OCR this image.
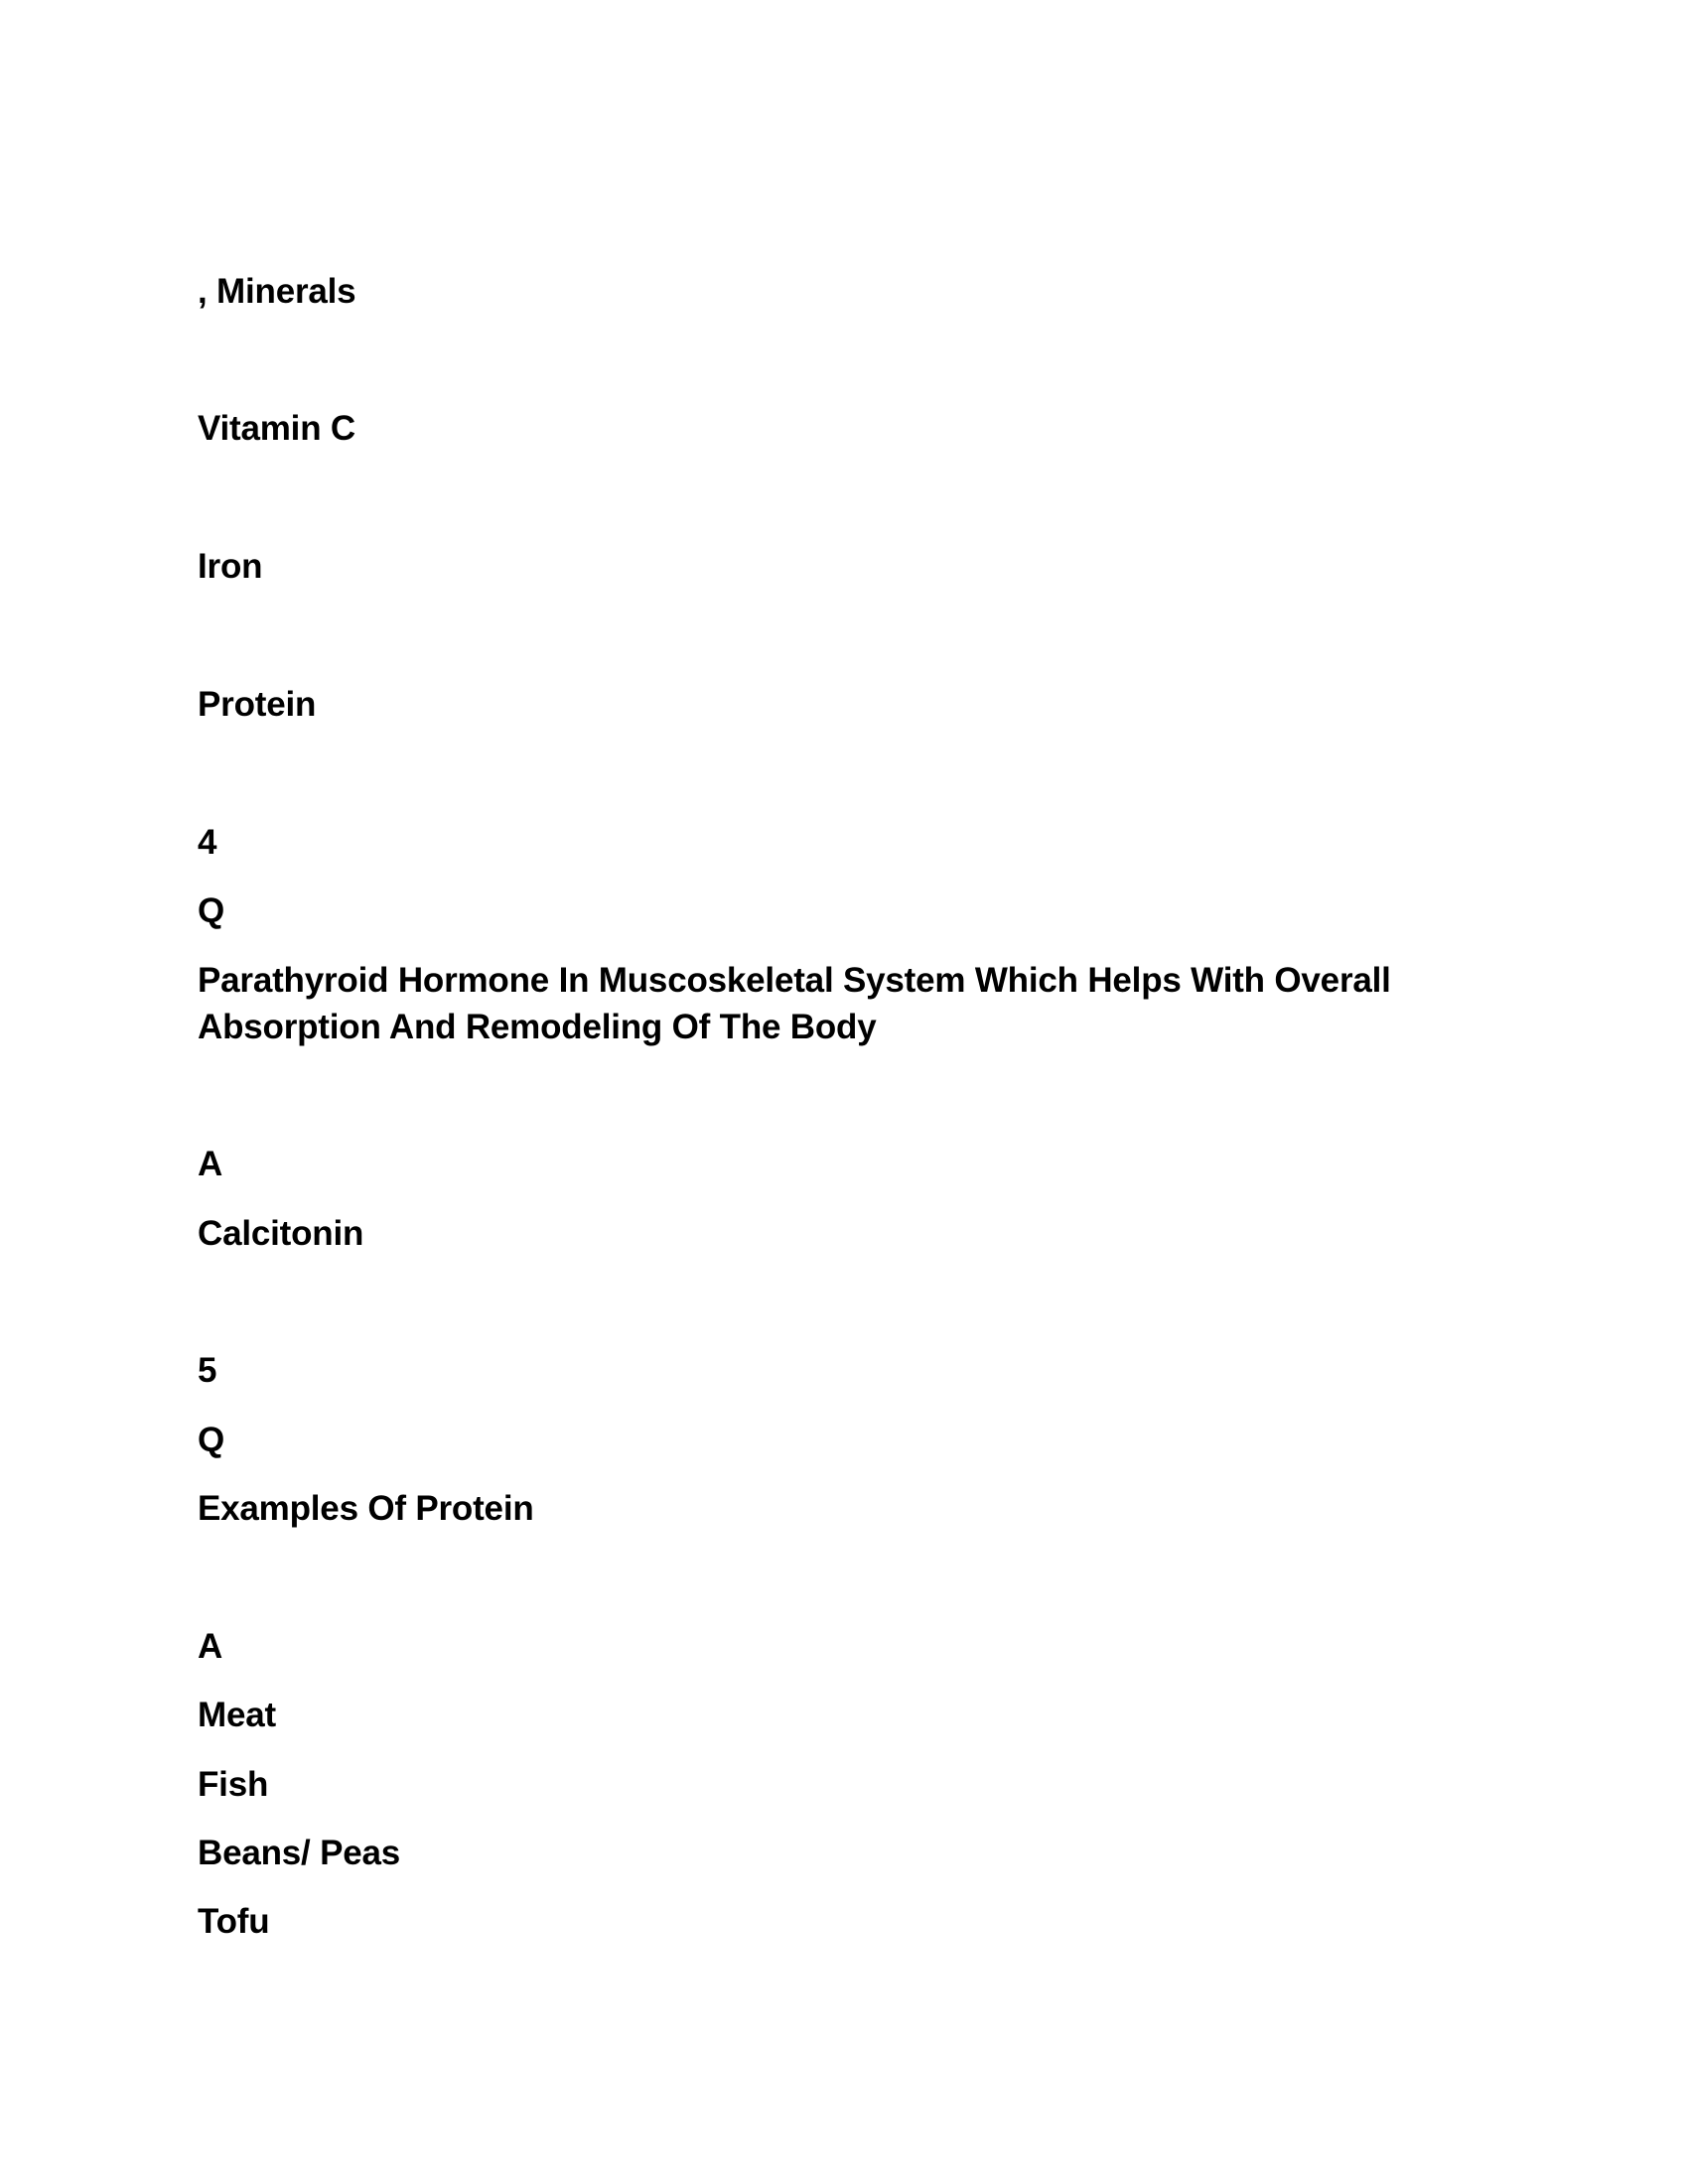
, Minerals

Vitamin C

Iron

Protein

4

Q

Parathyroid Hormone In Muscoskeletal System Which Helps With Overall Absorption And Remodeling Of The Body

A

Calcitonin

5

Q

Examples Of Protein

A

Meat

Fish

Beans/ Peas

Tofu
